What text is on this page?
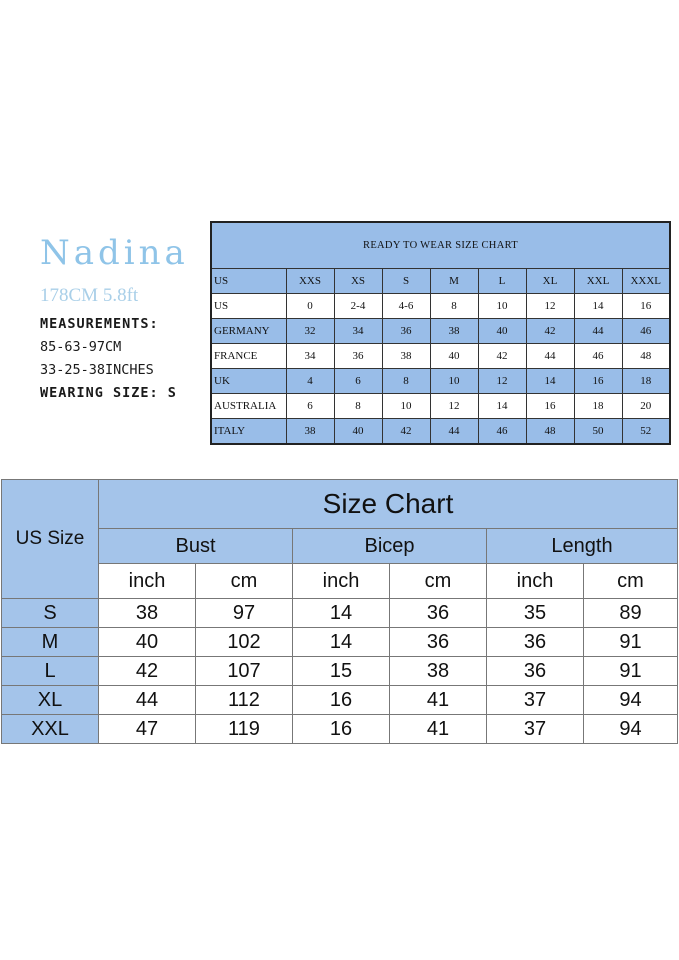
Nadina
178CM 5.8ft
MEASUREMENTS:
85-63-97CM
33-25-38INCHES
WEARING SIZE: S
READY TO WEAR SIZE CHART								
US	XXS	XS	S	M	L	XL	XXL	XXXL
US	0	2-4	4-6	8	10	12	14	16
GERMANY	32	34	36	38	40	42	44	46
FRANCE	34	36	38	40	42	44	46	48
UK	4	6	8	10	12	14	16	18
AUSTRALIA	6	8	10	12	14	16	18	20
ITALY	38	40	42	44	46	48	50	52
US Size	Size Chart					
	Bust		Bicep		Length	
	inch	cm	inch	cm	inch	cm
S	38	97	14	36	35	89
M	40	102	14	36	36	91
L	42	107	15	38	36	91
XL	44	112	16	41	37	94
XXL	47	119	16	41	37	94
